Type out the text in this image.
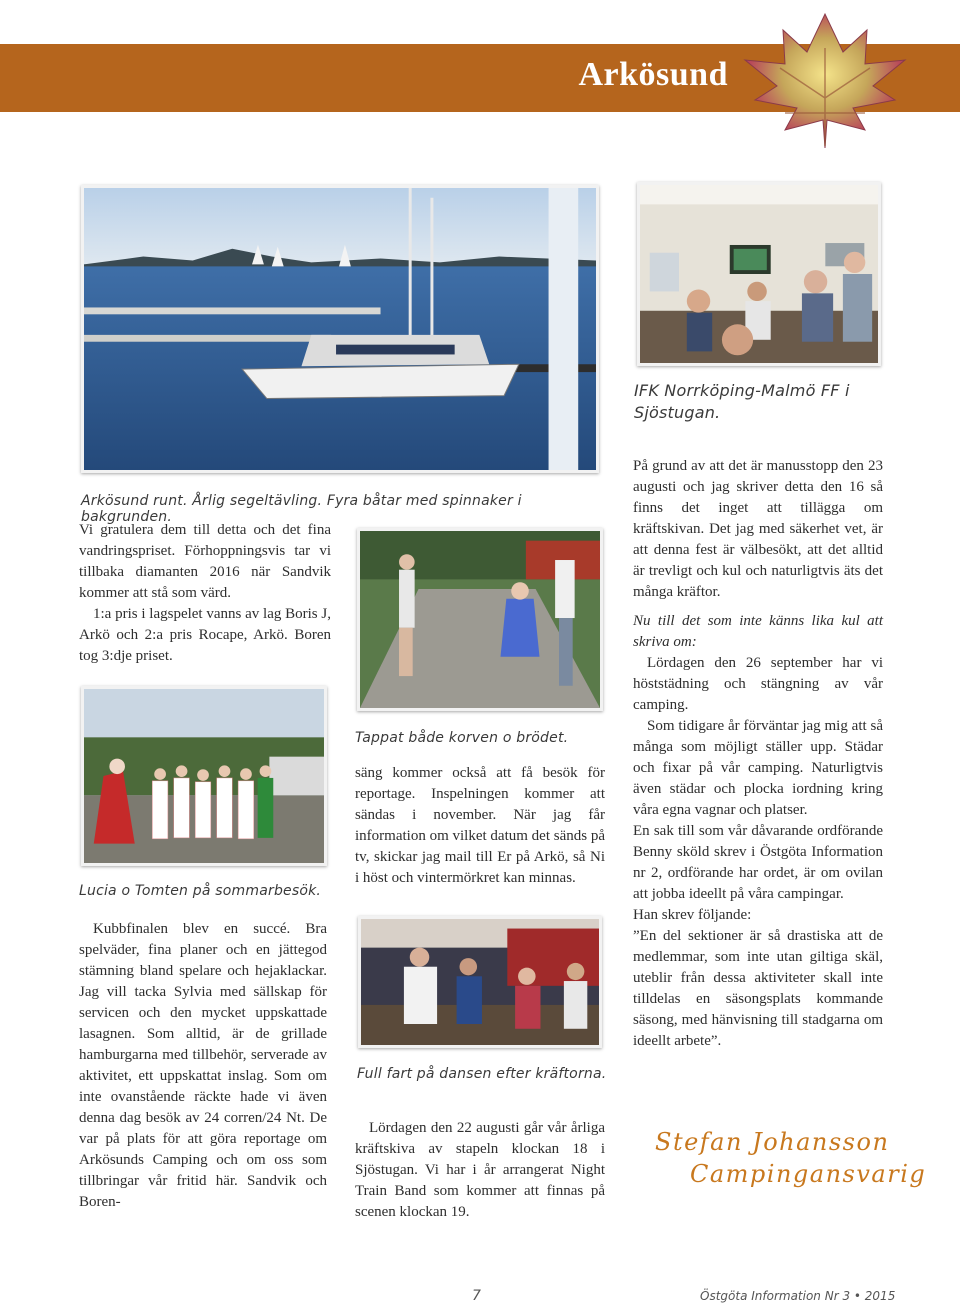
Arkösund
IFK Norrköping-Malmö FF i Sjöstugan.
Arkösund runt. Årlig segeltävling. Fyra båtar med spinnaker i bakgrunden.

Vi gratulera dem till detta och det fina vandringspriset. Förhoppningsvis tar vi tillbaka diamanten 2016 när Sandvik kommer att stå som värd.

1:a pris i lagspelet vanns av lag Boris J, Arkö och 2:a pris Rocape, Arkö. Boren tog 3:dje priset.

Lucia o Tomten på sommarbesök.

Kubbfinalen blev en succé. Bra spelväder, fina planer och en jättegod stämning bland spelare och hejaklackar. Jag vill tacka Sylvia med sällskap för servicen och den mycket uppskattade lasagnen. Som alltid, är de grillade hamburgarna med tillbehör, serverade av aktivitet, ett uppskattat inslag. Som om inte ovanstående räckte hade vi även denna dag besök av 24 corren/24 Nt. De var på plats för att göra reportage om Arkösunds Camping och om oss som tillbringar vår fritid här. Sandvik och Boren-

Tappat både korven o brödet.

säng kommer också att få besök för reportage. Inspelningen kommer att sändas i november. När jag får information om vilket datum det sänds på tv, skickar jag mail till Er på Arkö, så Ni i höst och vintermörkret kan minnas.

Full fart på dansen efter kräftorna.

Lördagen den 22 augusti går vår årliga kräftskiva av stapeln klockan 18 i Sjöstugan. Vi har i år arrangerat Night Train Band som kommer att finnas på scenen klockan 19.

På grund av att det är manusstopp den 23 augusti och jag skriver detta den 16 så finns det inget att tillägga om kräftskivan. Det jag med säkerhet vet, är att denna fest är välbesökt, att det alltid är trevligt och kul och naturligtvis äts det många kräftor.

Nu till det som inte känns lika kul att skriva om:

Lördagen den 26 september har vi höststädning och stängning av vår camping.

Som tidigare år förväntar jag mig att så många som möjligt ställer upp. Städar och fixar på vår camping. Naturligtvis även städar och plocka iordning kring våra egna vagnar och platser.

En sak till som vår dåvarande ordförande Benny sköld skrev i Östgöta Information nr 2, ordförande har ordet, är om ovilan att jobba ideellt på våra campingar.

Han skrev följande:

”En del sektioner är så drastiska att de medlemmar, som inte utan giltiga skäl, uteblir från dessa aktiviteter skall inte tilldelas en säsongsplats kommande säsong, med hänvisning till stadgarna om ideellt arbete”.

Stefan Johansson
Campingansvarig
7	Östgöta Information Nr 3 • 2015
